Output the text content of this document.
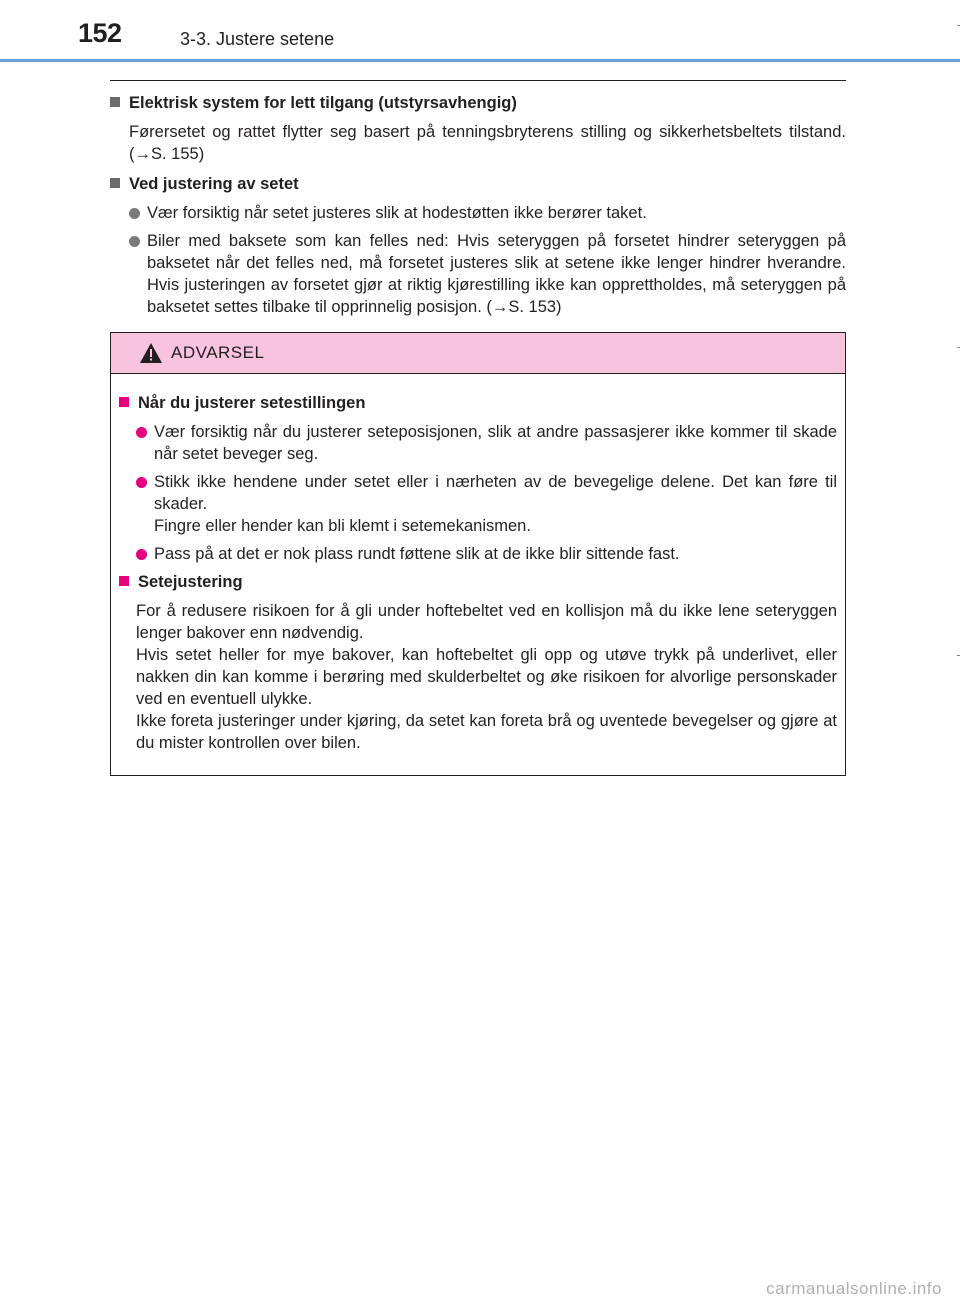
152	3-3. Justere setene
Elektrisk system for lett tilgang (utstyrsavhengig)
Førersetet og rattet flytter seg basert på tenningsbryterens stilling og sikkerhetsbeltets tilstand. (→S. 155)
Ved justering av setet
Vær forsiktig når setet justeres slik at hodestøtten ikke berører taket.
Biler med baksete som kan felles ned: Hvis seteryggen på forsetet hindrer seteryggen på baksetet når det felles ned, må forsetet justeres slik at setene ikke lenger hindrer hverandre. Hvis justeringen av forsetet gjør at riktig kjørestilling ikke kan opprettholdes, må seteryggen på baksetet settes tilbake til opprinnelig posisjon. (→S. 153)
ADVARSEL
Når du justerer setestillingen
Vær forsiktig når du justerer seteposisjonen, slik at andre passasjerer ikke kommer til skade når setet beveger seg.
Stikk ikke hendene under setet eller i nærheten av de bevegelige delene. Det kan føre til skader.
Fingre eller hender kan bli klemt i setemekanismen.
Pass på at det er nok plass rundt føttene slik at de ikke blir sittende fast.
Setejustering
For å redusere risikoen for å gli under hoftebeltet ved en kollisjon må du ikke lene seteryggen lenger bakover enn nødvendig.
Hvis setet heller for mye bakover, kan hoftebeltet gli opp og utøve trykk på underlivet, eller nakken din kan komme i berøring med skulderbeltet og øke risikoen for alvorlige personskader ved en eventuell ulykke.
Ikke foreta justeringer under kjøring, da setet kan foreta brå og uventede bevegelser og gjøre at du mister kontrollen over bilen.
carmanualsonline.info
